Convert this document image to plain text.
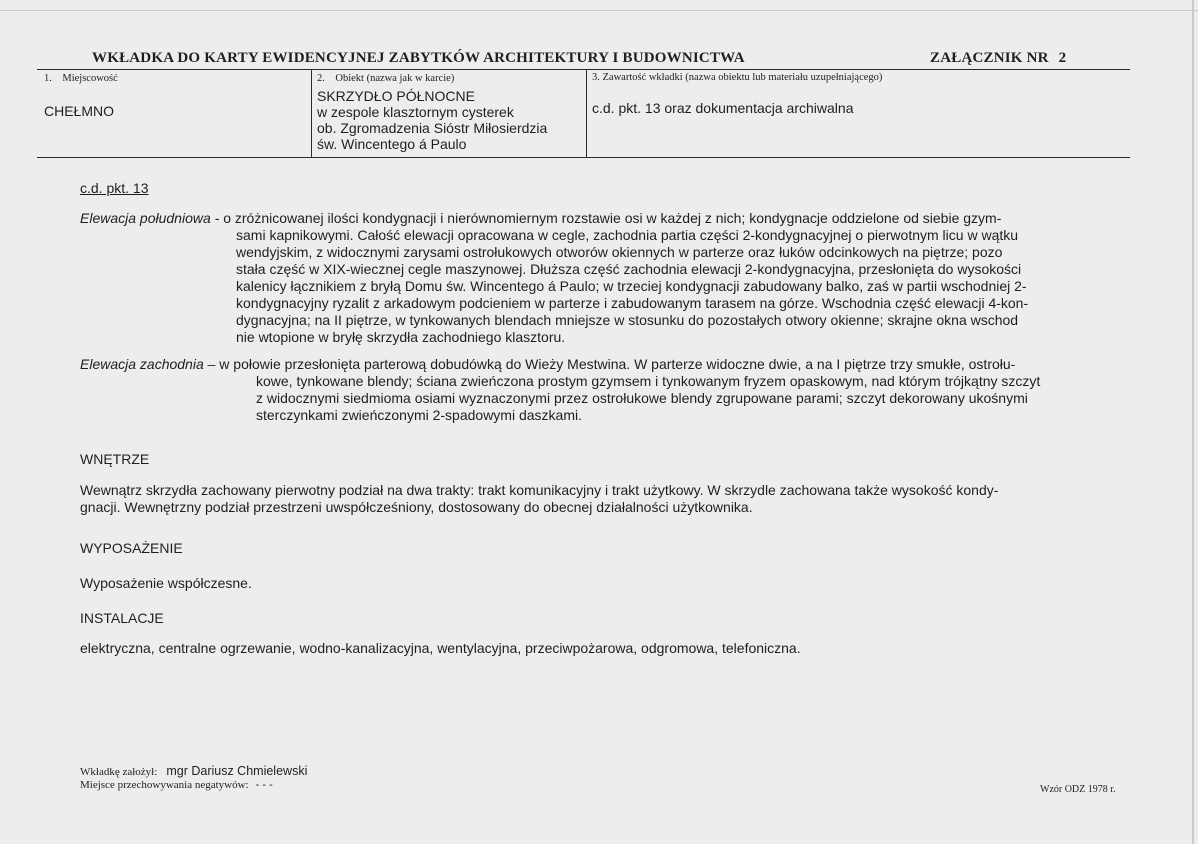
WKŁADKA DO KARTY EWIDENCYJNEJ ZABYTKÓW ARCHITEKTURY I BUDOWNICTWA	ZAŁĄCZNIK NR 2
1.    Miejscowość
CHEŁMNO
2.    Obiekt (nazwa jak w karcie)
SKRZYDŁO PÓŁNOCNE
w zespole klasztornym cysterek
ob. Zgromadzenia Sióstr Miłosierdzia
św. Wincentego á Paulo
3. Zawartość wkładki (nazwa obiektu lub materiału uzupełniającego)
c.d. pkt. 13 oraz dokumentacja archiwalna
c.d. pkt. 13
Elewacja południowa - o zróżnicowanej ilości kondygnacji i nierównomiernym rozstawie osi w każdej z nich; kondygnacje oddzielone od siebie gzym-
sami kapnikowymi. Całość elewacji opracowana w cegle, zachodnia partia części 2-kondygnacyjnej o pierwotnym licu w wątku
wendyjskim, z widocznymi zarysami ostrołukowych otworów okiennych w parterze oraz łuków odcinkowych na piętrze; pozo
stała część w XIX-wiecznej cegle maszynowej. Dłuższa część zachodnia elewacji 2-kondygnacyjna, przesłonięta do wysokości
kalenicy łącznikiem z bryłą Domu św. Wincentego á Paulo; w trzeciej kondygnacji zabudowany balko, zaś w partii wschodniej 2-
kondygnacyjny ryzalit z arkadowym podcieniem w parterze i zabudowanym tarasem na górze. Wschodnia część elewacji 4-kon-
dygnacyjna; na II piętrze, w tynkowanych blendach mniejsze w stosunku do pozostałych otwory okienne; skrajne okna wschod
nie wtopione w bryłę skrzydła zachodniego klasztoru.
Elewacja zachodnia – w połowie przesłonięta parterową dobudówką do Wieży Mestwina. W parterze widoczne dwie, a na I piętrze trzy smukłe, ostrołu-
kowe, tynkowane blendy; ściana zwieńczona prostym gzymsem i tynkowanym fryzem opaskowym, nad którym trójkątny szczyt
z widocznymi siedmioma osiami wyznaczonymi przez ostrołukowe blendy zgrupowane parami; szczyt dekorowany ukośnymi
sterczynkami zwieńczonymi 2-spadowymi daszkami.
WNĘTRZE
Wewnątrz skrzydła zachowany pierwotny podział na dwa trakty: trakt komunikacyjny i trakt użytkowy. W skrzydle zachowana także wysokość kondy-
gnacji. Wewnętrzny podział przestrzeni uwspółcześniony, dostosowany do obecnej działalności użytkownika.
WYPOSAŻENIE
Wyposażenie współczesne.
INSTALACJE
elektryczna, centralne ogrzewanie, wodno-kanalizacyjna, wentylacyjna, przeciwpożarowa, odgromowa, telefoniczna.
Wkładkę założył: mgr Dariusz Chmielewski
Miejsce przechowywania negatywów: - - -	Wzór ODZ 1978 r.
